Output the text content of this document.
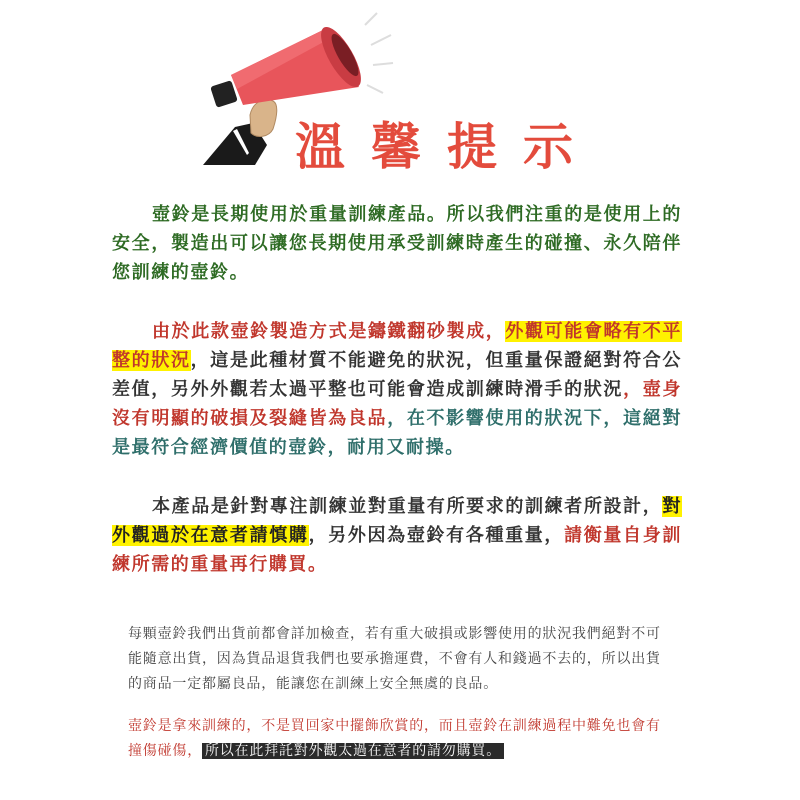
溫馨提示
壺鈴是長期使用於重量訓練產品。所以我們注重的是使用上的安全，製造出可以讓您長期使用承受訓練時產生的碰撞、永久陪伴您訓練的壺鈴。
由於此款壺鈴製造方式是鑄鐵翻砂製成，外觀可能會略有不平整的狀況，這是此種材質不能避免的狀況，但重量保證絕對符合公差值，另外外觀若太過平整也可能會造成訓練時滑手的狀況，壺身沒有明顯的破損及裂縫皆為良品，在不影響使用的狀況下，這絕對是最符合經濟價值的壺鈴，耐用又耐操。
本產品是針對專注訓練並對重量有所要求的訓練者所設計，對外觀過於在意者請慎購，另外因為壺鈴有各種重量，請衡量自身訓練所需的重量再行購買。
每顆壺鈴我們出貨前都會詳加檢查，若有重大破損或影響使用的狀況我們絕對不可能隨意出貨，因為貨品退貨我們也要承擔運費，不會有人和錢過不去的，所以出貨的商品一定都屬良品，能讓您在訓練上安全無虞的良品。
壺鈴是拿來訓練的，不是買回家中擺飾欣賞的，而且壺鈴在訓練過程中難免也會有撞傷碰傷， 所以在此拜託對外觀太過在意者的請勿購買。
